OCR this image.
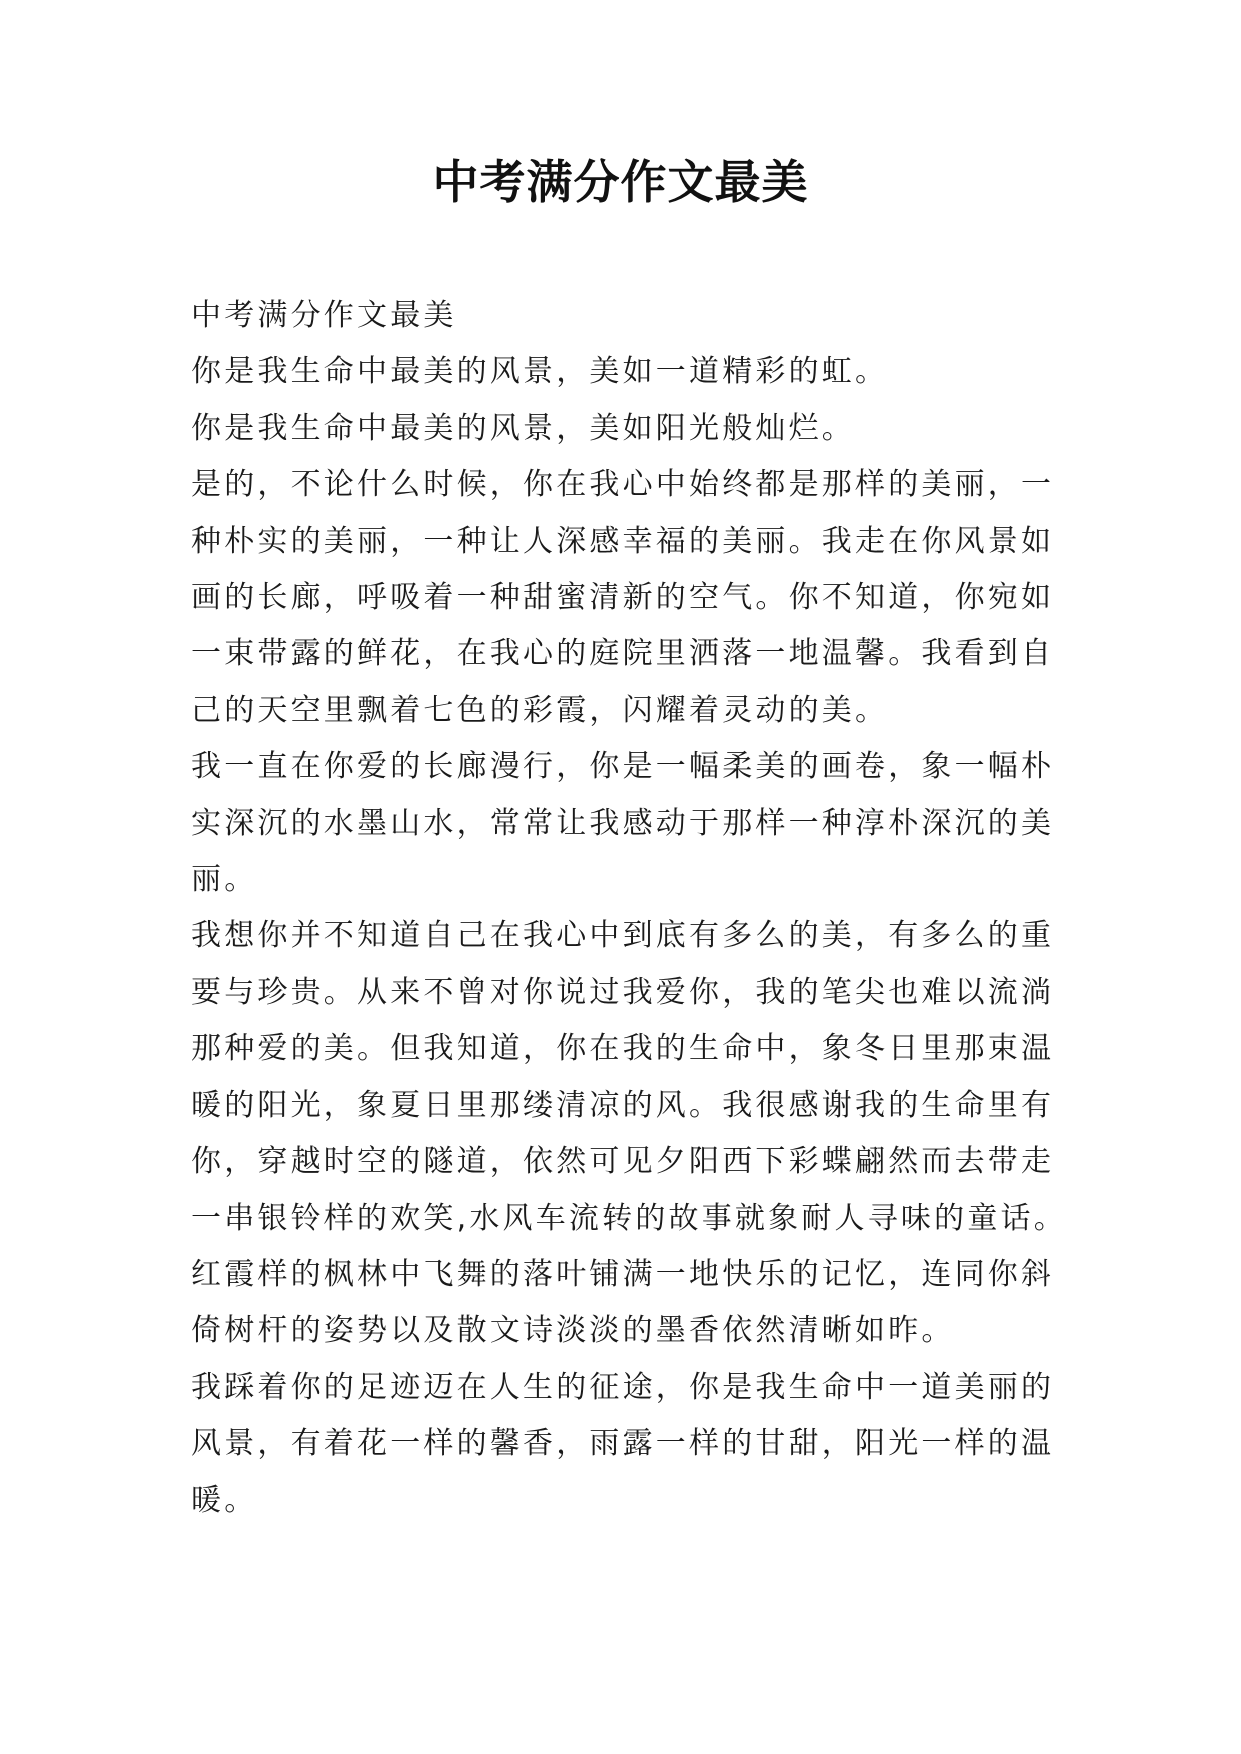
中考满分作文最美

中考满分作文最美

你是我生命中最美的风景，美如一道精彩的虹。

你是我生命中最美的风景，美如阳光般灿烂。

是的，不论什么时候，你在我心中始终都是那样的美丽，一种朴实的美丽，一种让人深感幸福的美丽。我走在你风景如画的长廊，呼吸着一种甜蜜清新的空气。你不知道，你宛如一束带露的鲜花，在我心的庭院里洒落一地温馨。我看到自己的天空里飘着七色的彩霞，闪耀着灵动的美。

我一直在你爱的长廊漫行，你是一幅柔美的画卷，象一幅朴实深沉的水墨山水，常常让我感动于那样一种淳朴深沉的美丽。

我想你并不知道自己在我心中到底有多么的美，有多么的重要与珍贵。从来不曾对你说过我爱你，我的笔尖也难以流淌那种爱的美。但我知道，你在我的生命中，象冬日里那束温暖的阳光，象夏日里那缕清凉的风。我很感谢我的生命里有你，穿越时空的隧道，依然可见夕阳西下彩蝶翩然而去带走一串银铃样的欢笑,水风车流转的故事就象耐人寻味的童话。红霞样的枫林中飞舞的落叶铺满一地快乐的记忆，连同你斜倚树杆的姿势以及散文诗淡淡的墨香依然清晰如昨。

我踩着你的足迹迈在人生的征途，你是我生命中一道美丽的风景，有着花一样的馨香，雨露一样的甘甜，阳光一样的温暖。
